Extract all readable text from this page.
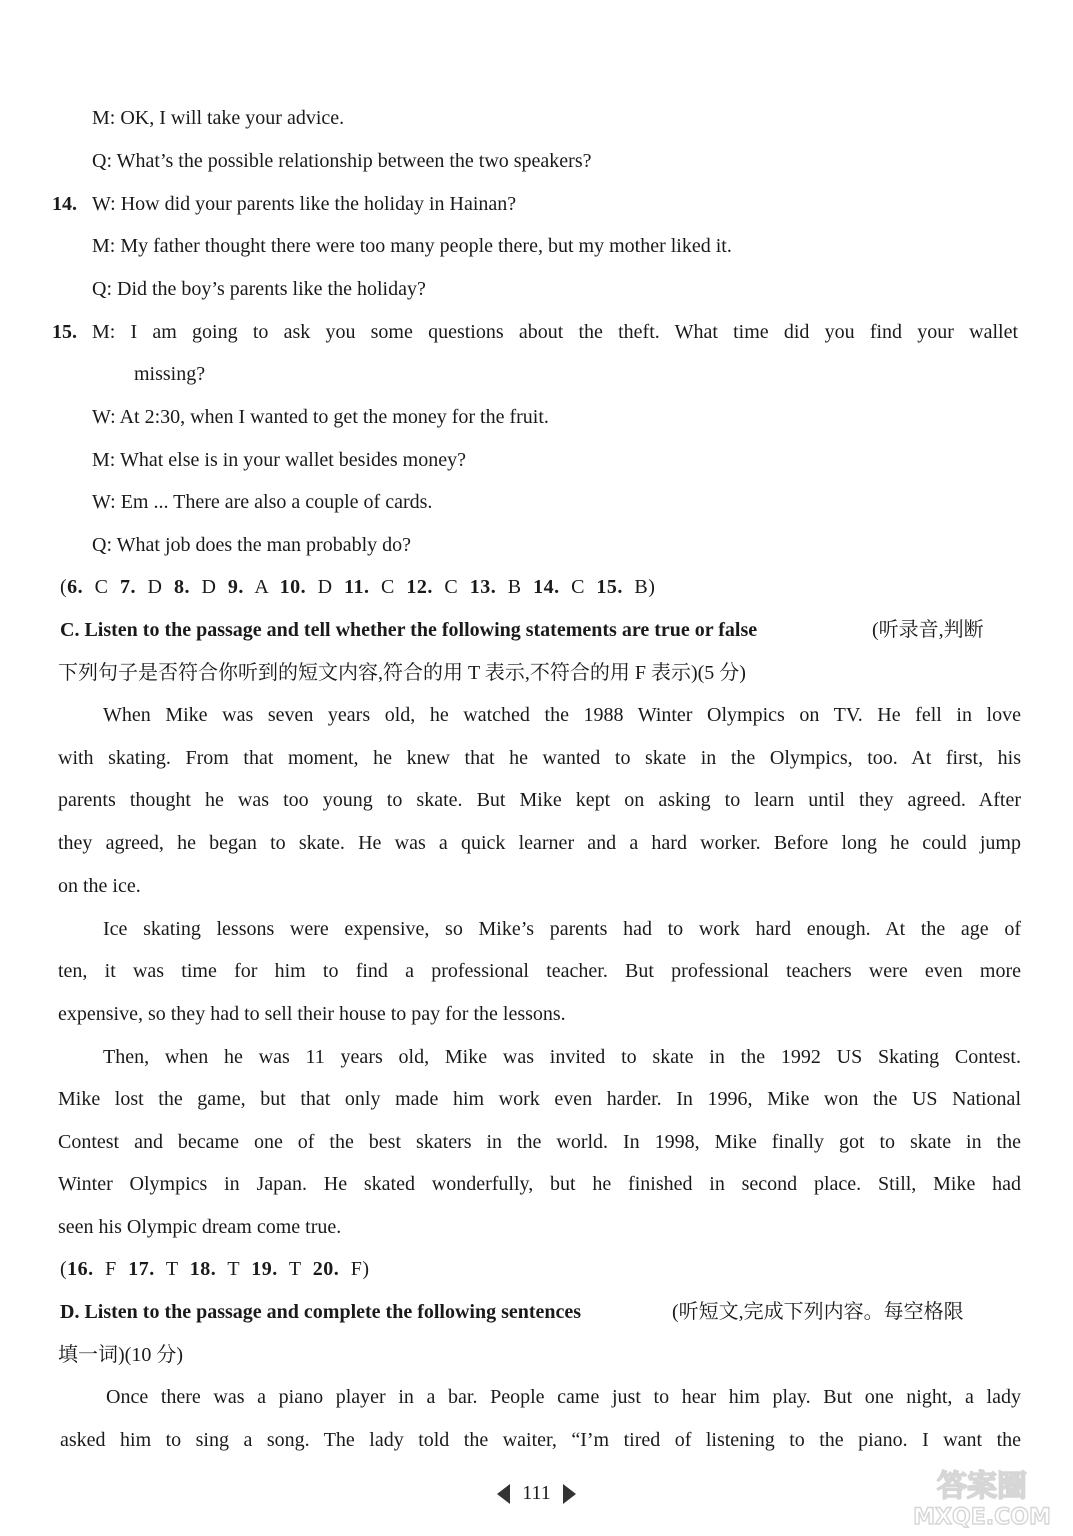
M: OK, I will take your advice.
Q: What’s the possible relationship between the two speakers?
14. W: How did your parents like the holiday in Hainan?
M: My father thought there were too many people there, but my mother liked it.
Q: Did the boy’s parents like the holiday?
15. M: I am going to ask you some questions about the theft. What time did you find your wallet
missing?
W: At 2:30, when I wanted to get the money for the fruit.
M: What else is in your wallet besides money?
W: Em ... There are also a couple of cards.
Q: What job does the man probably do?
(6. C 7. D 8. D 9. A 10. D 11. C 12. C 13. B 14. C 15. B)
C. Listen to the passage and tell whether the following statements are true or false	(听录音,判断
下列句子是否符合你听到的短文内容,符合的用 T 表示,不符合的用 F 表示)(5 分)
When Mike was seven years old, he watched the 1988 Winter Olympics on TV. He fell in love
with skating. From that moment, he knew that he wanted to skate in the Olympics, too. At first, his
parents thought he was too young to skate. But Mike kept on asking to learn until they agreed. After
they agreed, he began to skate. He was a quick learner and a hard worker. Before long he could jump
on the ice.
Ice skating lessons were expensive, so Mike’s parents had to work hard enough. At the age of
ten, it was time for him to find a professional teacher. But professional teachers were even more
expensive, so they had to sell their house to pay for the lessons.
Then, when he was 11 years old, Mike was invited to skate in the 1992 US Skating Contest.
Mike lost the game, but that only made him work even harder. In 1996, Mike won the US National
Contest and became one of the best skaters in the world. In 1998, Mike finally got to skate in the
Winter Olympics in Japan. He skated wonderfully, but he finished in second place. Still, Mike had
seen his Olympic dream come true.
(16. F 17. T 18. T 19. T 20. F)
D. Listen to the passage and complete the following sentences	(听短文,完成下列内容。每空格限
填一词)(10 分)
Once there was a piano player in a bar. People came just to hear him play. But one night, a lady
asked him to sing a song. The lady told the waiter, “I’m tired of listening to the piano. I want the
111	答案圈
MXQE.COM
